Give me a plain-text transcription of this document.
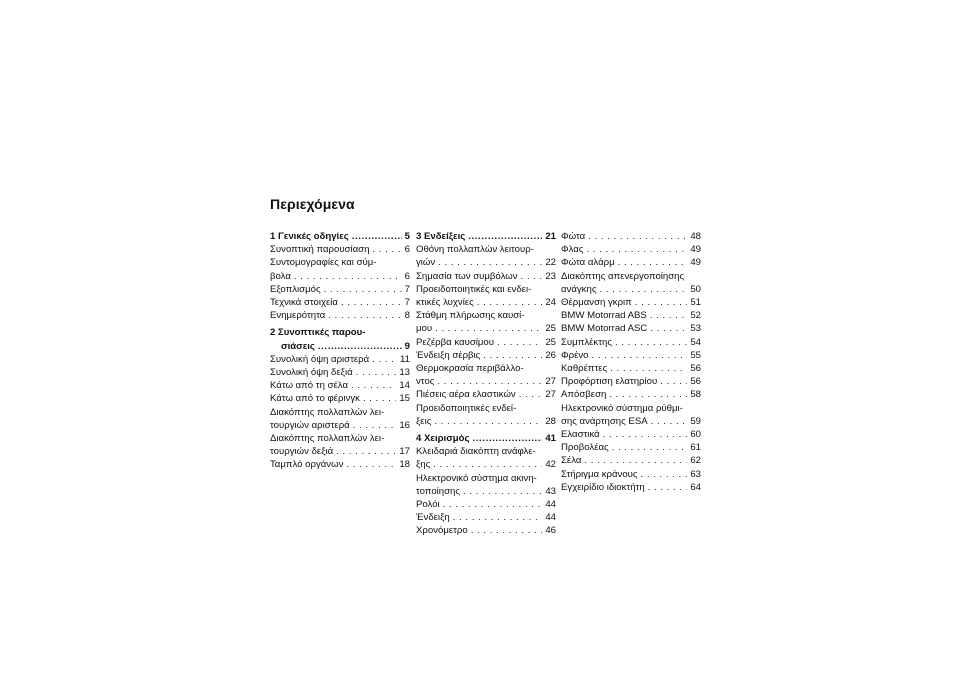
Περιεχόμενα
1 Γενικές οδηγίες .....	5
Συνοπτική παρουσίαση . . .	6
Συντομογραφίες και σύμ-
βολα . . .	6
Εξοπλισμός . . .	7
Τεχνικά στοιχεία . . .	7
Ενημερότητα . . .	8
2 Συνοπτικές παρου-
σιάσεις .....	9
Συνολική όψη αριστερά . . .	11
Συνολική όψη δεξιά . . .	13
Κάτω από τη σέλα . . .	14
Κάτω από το φέρινγκ . . .	15
Διακόπτης πολλαπλών λει-
τουργιών αριστερά . . .	16
Διακόπτης πολλαπλών λει-
τουργιών δεξιά . . .	17
Ταμπλό οργάνων . . .	18
3 Ενδείξεις .....	21
Οθόνη πολλαπλών λειτουρ-
γιών . . .	22
Σημασία των συμβόλων . . .	23
Προειδοποιητικές και ενδει-
κτικές λυχνίες . . .	24
Στάθμη πλήρωσης καυσί-
μου . . .	25
Ρεζέρβα καυσίμου . . .	25
Ένδειξη σέρβις . . .	26
Θερμοκρασία περιβάλλο-
ντος . . .	27
Πιέσεις αέρα ελαστικών . . .	27
Προειδοποιητικές ενδεί-
ξεις . . .	28
4 Χειρισμός .....	41
Κλειδαριά διακόπτη ανάφλε-
ξης . . .	42
Ηλεκτρονικό σύστημα ακινη-
τοποίησης . . .	43
Ρολόι . . .	44
Ένδειξη . . .	44
Χρονόμετρο . . .	46
Φώτα . . .	48
Φλας . . .	49
Φώτα αλάρμ . . .	49
Διακόπτης απενεργοποίησης
ανάγκης . . .	50
Θέρμανση γκριπ . . .	51
BMW Motorrad ABS . . .	52
BMW Motorrad ASC . . .	53
Συμπλέκτης . . .	54
Φρένο . . .	55
Καθρέπτες . . .	56
Προφόρτιση ελατηρίου . . .	56
Απόσβεση . . .	58
Ηλεκτρονικό σύστημα ρύθμι-
σης ανάρτησης ESA . . .	59
Ελαστικά . . .	60
Προβολέας . . .	61
Σέλα . . .	62
Στήριγμα κράνους . . .	63
Εγχειρίδιο ιδιοκτήτη . . .	64
